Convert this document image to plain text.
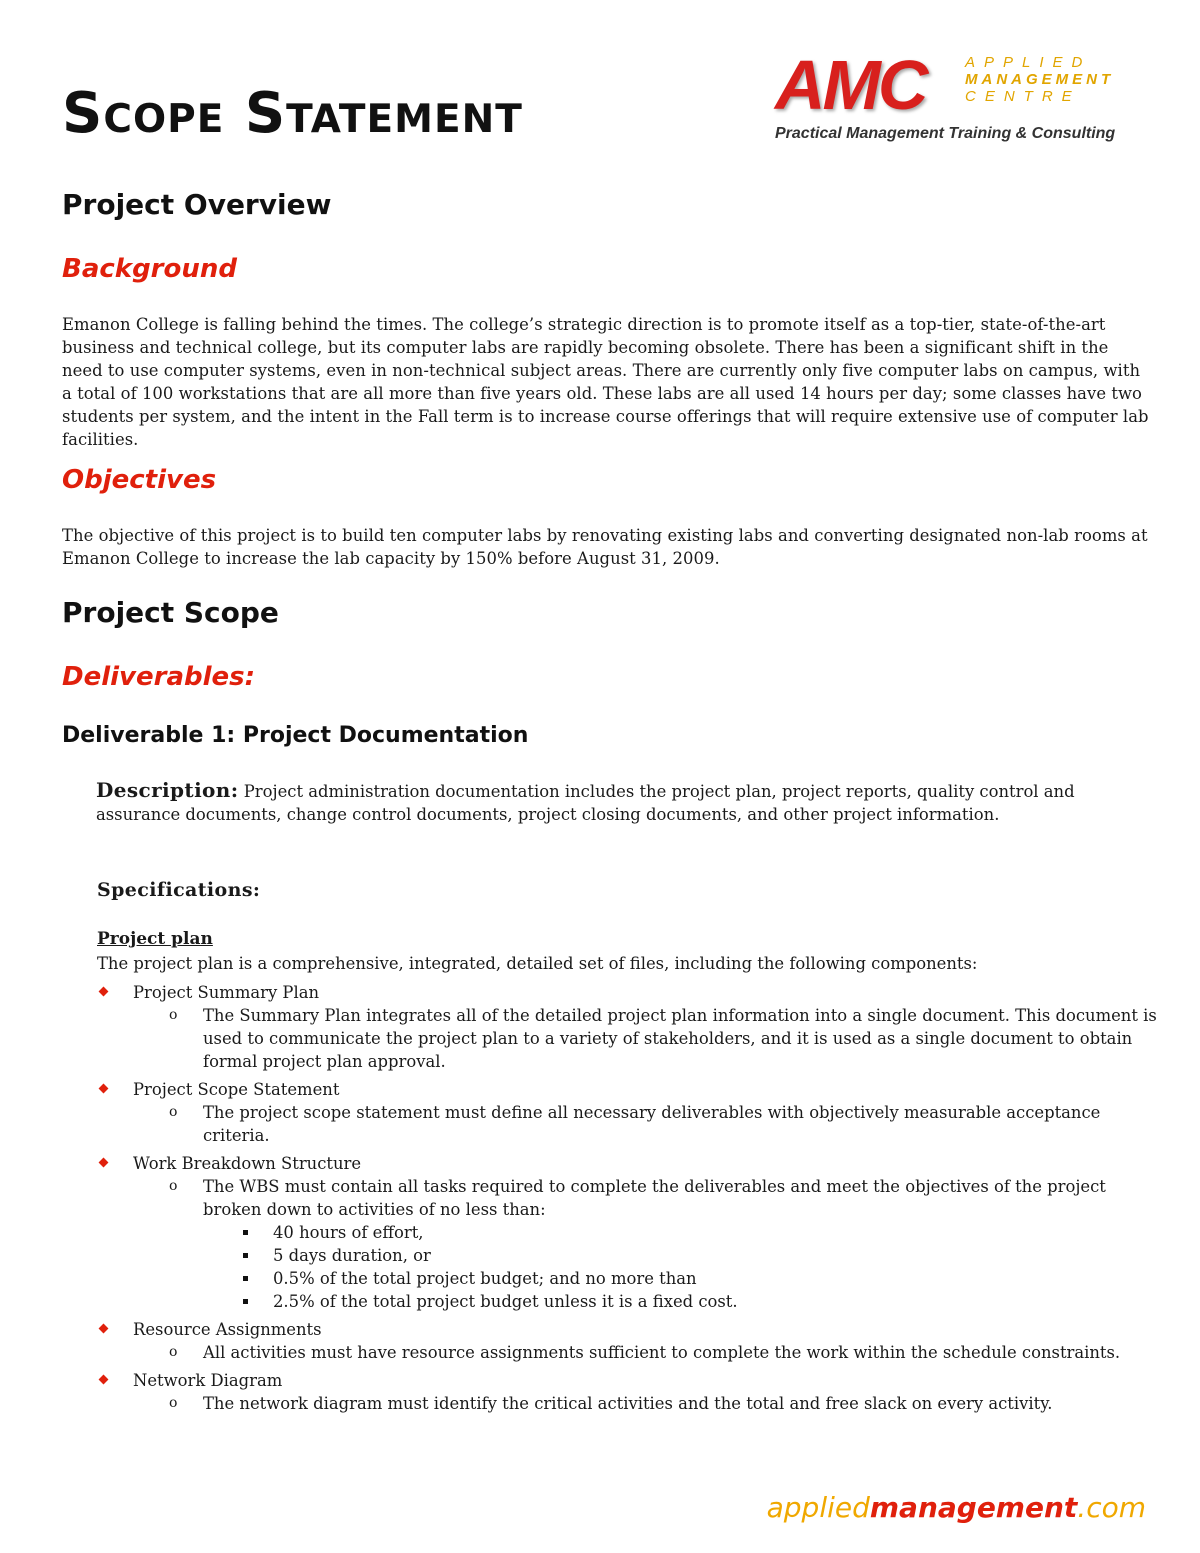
Scope Statement	AMC	APPLIED
MANAGEMENT
CENTRE
Practical Management Training & Consulting
Project Overview
Background

Emanon College is falling behind the times. The college’s strategic direction is to promote itself as a top-tier, state-of-the-art business and technical college, but its computer labs are rapidly becoming obsolete. There has been a significant shift in the need to use computer systems, even in non-technical subject areas. There are currently only five computer labs on campus, with a total of 100 workstations that are all more than five years old. These labs are all used 14 hours per day; some classes have two students per system, and the intent in the Fall term is to increase course offerings that will require extensive use of computer lab facilities.

Objectives

The objective of this project is to build ten computer labs by renovating existing labs and converting designated non-lab rooms at Emanon College to increase the lab capacity by 150% before August 31, 2009.

Project Scope
Deliverables:
Deliverable 1: Project Documentation
Description: Project administration documentation includes the project plan, project reports, quality control and assurance documents, change control documents, project closing documents, and other project information.
Specifications:
Project plan
The project plan is a comprehensive, integrated, detailed set of files, including the following components:
Project Summary Plan
o The Summary Plan integrates all of the detailed project plan information into a single document. This document is used to communicate the project plan to a variety of stakeholders, and it is used as a single document to obtain formal project plan approval.
Project Scope Statement
o The project scope statement must define all necessary deliverables with objectively measurable acceptance criteria.
Work Breakdown Structure
o The WBS must contain all tasks required to complete the deliverables and meet the objectives of the project broken down to activities of no less than:
40 hours of effort,
5 days duration, or
0.5% of the total project budget; and no more than
2.5% of the total project budget unless it is a fixed cost.
Resource Assignments
o All activities must have resource assignments sufficient to complete the work within the schedule constraints.
Network Diagram
o The network diagram must identify the critical activities and the total and free slack on every activity.
appliedmanagement.com
